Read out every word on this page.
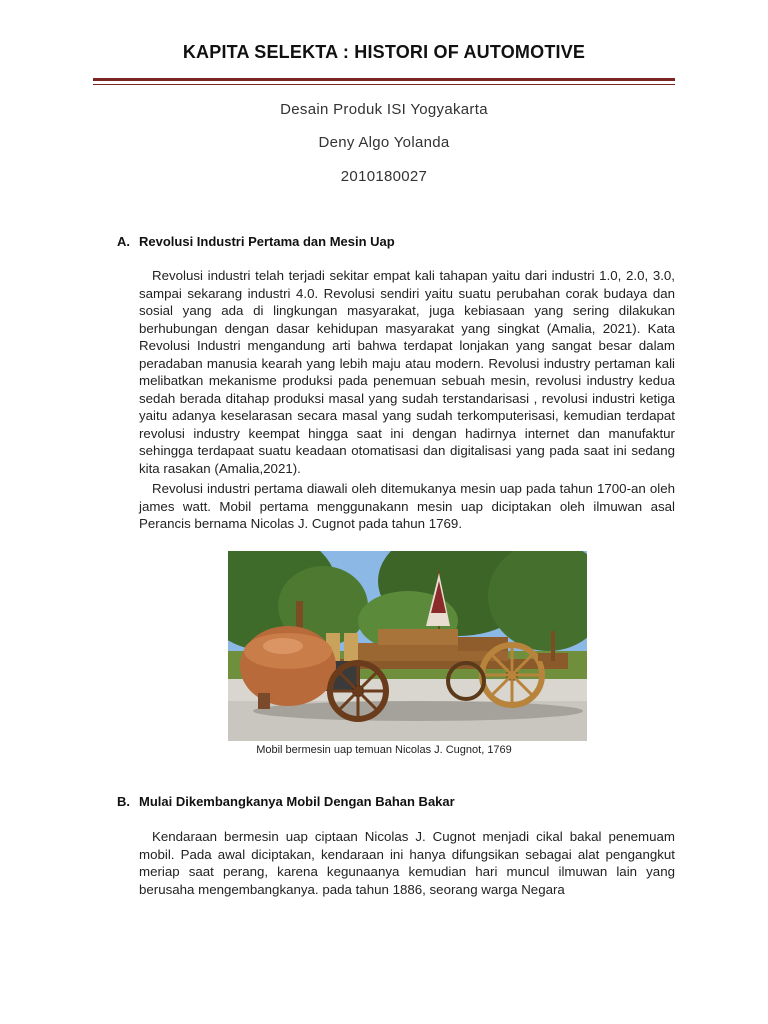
KAPITA SELEKTA : HISTORI OF AUTOMOTIVE
Desain Produk ISI Yogyakarta
Deny Algo Yolanda
2010180027
A. Revolusi Industri Pertama dan Mesin Uap
Revolusi industri telah terjadi sekitar empat kali tahapan yaitu dari industri 1.0, 2.0, 3.0, sampai sekarang industri 4.0. Revolusi sendiri yaitu suatu perubahan corak budaya dan sosial yang ada di lingkungan masyarakat, juga kebiasaan yang sering dilakukan berhubungan dengan dasar kehidupan masyarakat yang singkat (Amalia, 2021). Kata Revolusi Industri mengandung arti bahwa terdapat lonjakan yang sangat besar dalam peradaban manusia kearah yang lebih maju atau modern. Revolusi industry pertaman kali melibatkan mekanisme produksi pada penemuan sebuah mesin, revolusi industry kedua sedah berada ditahap produksi masal yang sudah terstandarisasi , revolusi industri ketiga yaitu adanya keselarasan secara masal yang sudah terkomputerisasi, kemudian terdapat revolusi industry keempat hingga saat ini dengan hadirnya internet dan manufaktur sehingga terdapaat suatu keadaan otomatisasi dan digitalisasi yang pada saat ini sedang kita rasakan (Amalia,2021).
Revolusi industri pertama diawali oleh ditemukanya mesin uap pada tahun 1700-an oleh james watt. Mobil pertama menggunakann mesin uap diciptakan oleh ilmuwan asal Perancis bernama Nicolas J. Cugnot pada tahun 1769.
Mobil bermesin uap temuan Nicolas J. Cugnot, 1769
B. Mulai Dikembangkanya Mobil Dengan Bahan Bakar
Kendaraan bermesin uap ciptaan Nicolas J. Cugnot menjadi cikal bakal penemuam mobil. Pada awal diciptakan, kendaraan ini hanya difungsikan sebagai alat pengangkut meriap saat perang, karena kegunaanya kemudian hari muncul ilmuwan lain yang berusaha mengembangkanya. pada tahun 1886, seorang warga Negara
